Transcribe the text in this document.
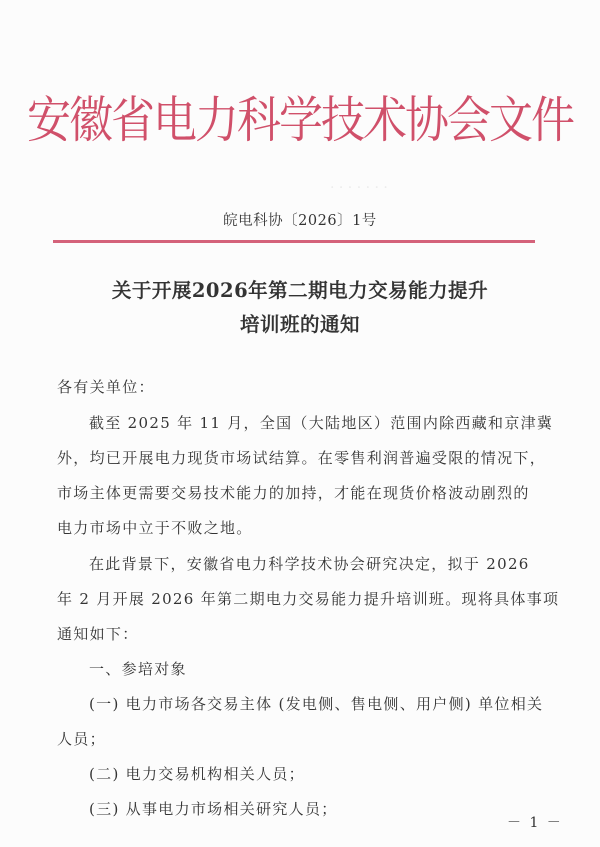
· · · · · · ·
安徽省电力科学技术协会文件
皖电科协〔2026〕1号
关于开展2026年第二期电力交易能力提升
培训班的通知
各有关单位：
截至 2025 年 11 月，全国（大陆地区）范围内除西藏和京津冀
外，均已开展电力现货市场试结算。在零售利润普遍受限的情况下，
市场主体更需要交易技术能力的加持，才能在现货价格波动剧烈的
电力市场中立于不败之地。
在此背景下，安徽省电力科学技术协会研究决定，拟于 2026
年 2 月开展 2026 年第二期电力交易能力提升培训班。现将具体事项
通知如下：
一、参培对象
(一) 电力市场各交易主体 (发电侧、售电侧、用户侧) 单位相关
人员；
(二) 电力交易机构相关人员；
(三) 从事电力市场相关研究人员；
－ 1 －
